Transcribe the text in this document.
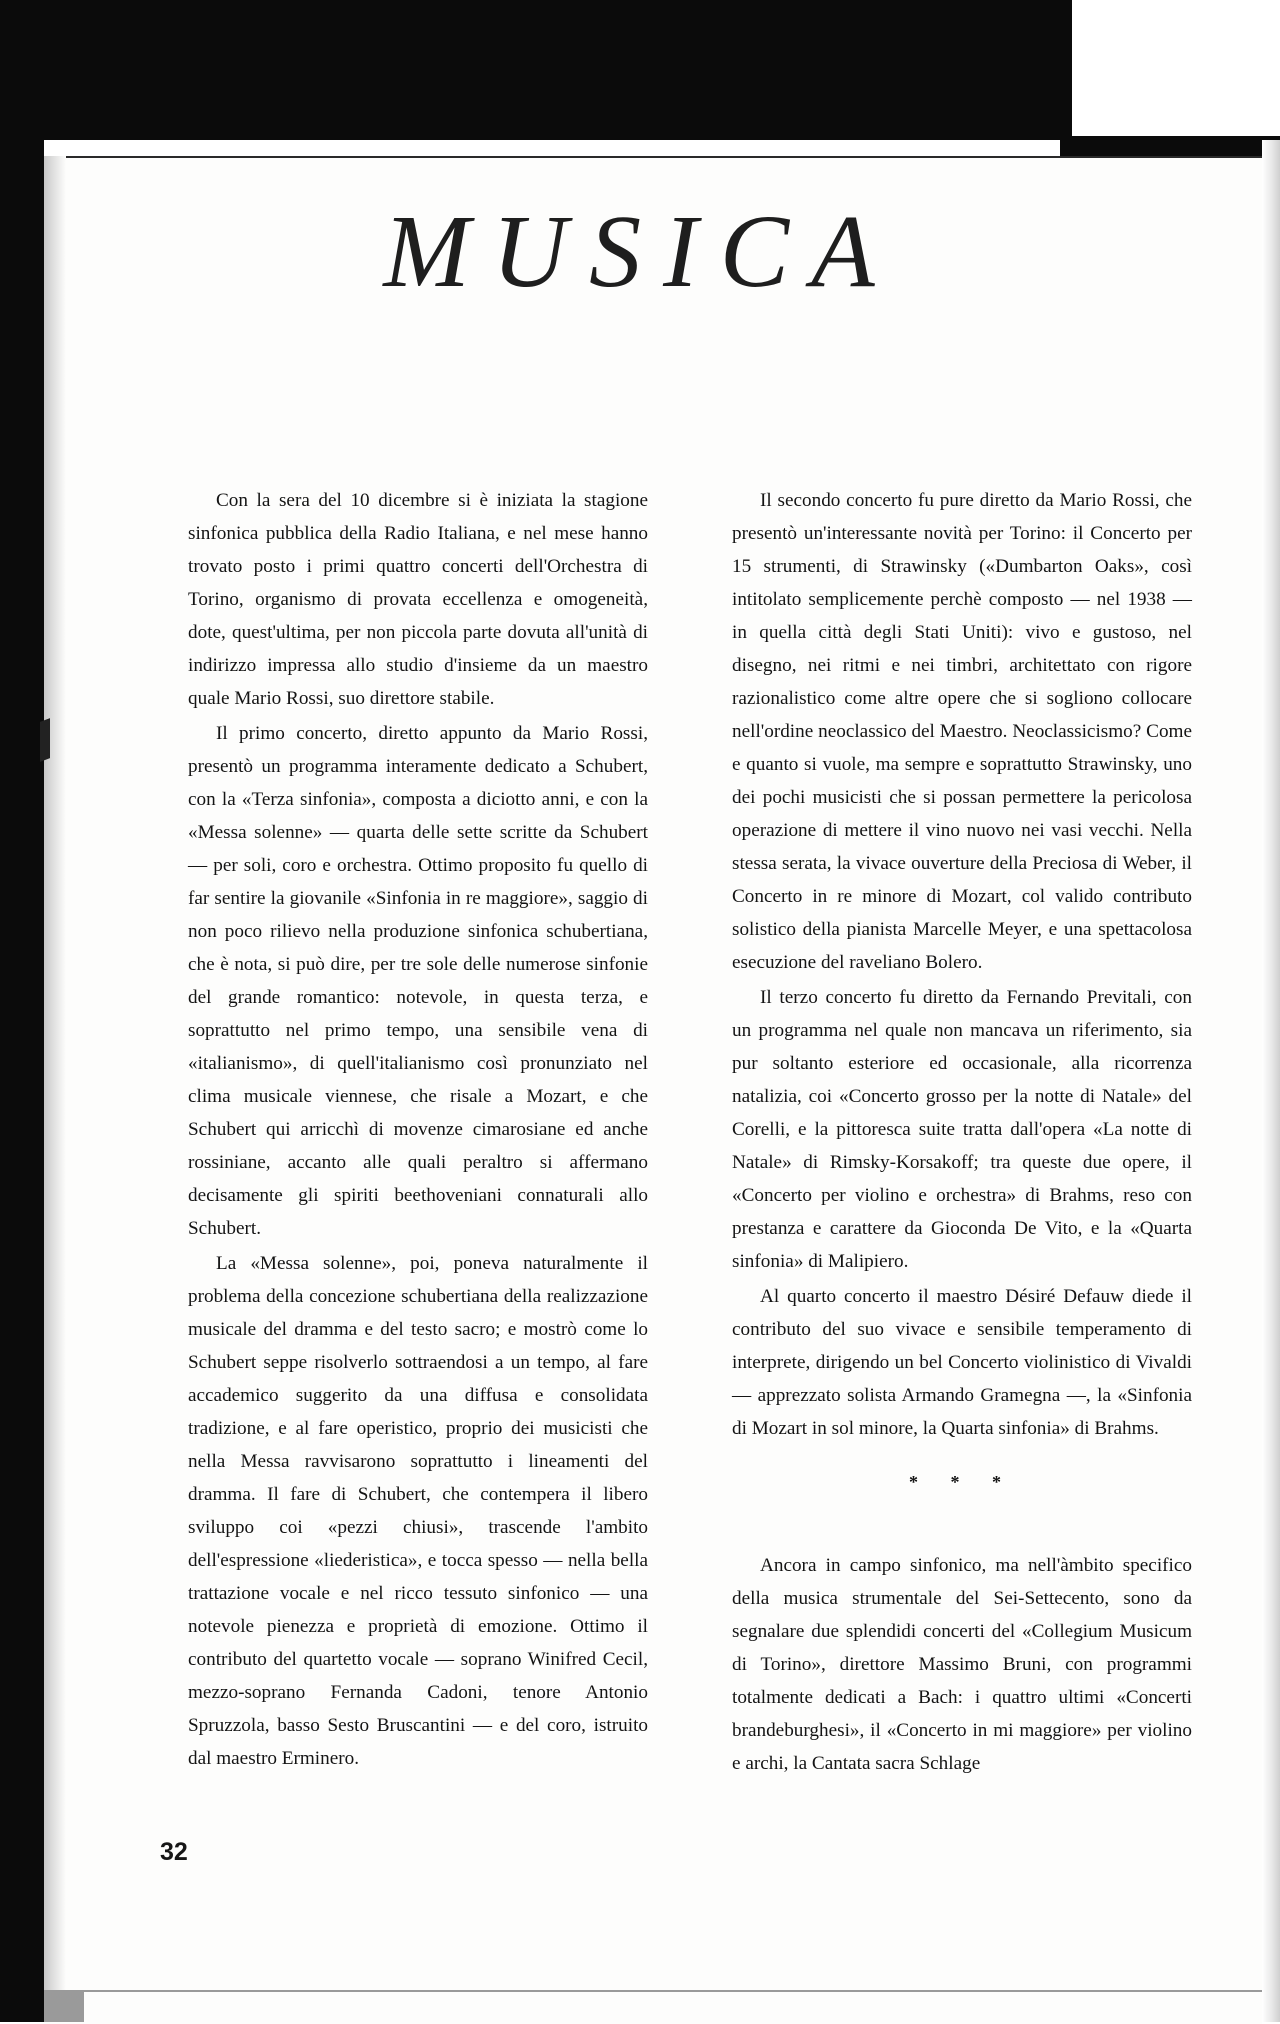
MUSICA

Con la sera del 10 dicembre si è iniziata la stagione sinfonica pubblica della Radio Italiana, e nel mese hanno trovato posto i primi quattro concerti dell'Orchestra di Torino, organismo di provata eccellenza e omogeneità, dote, quest'ultima, per non piccola parte dovuta all'unità di indirizzo impressa allo studio d'insieme da un maestro quale Mario Rossi, suo direttore stabile.

Il primo concerto, diretto appunto da Mario Rossi, presentò un programma interamente dedicato a Schubert, con la «Terza sinfonia», composta a diciotto anni, e con la «Messa solenne» — quarta delle sette scritte da Schubert — per soli, coro e orchestra. Ottimo proposito fu quello di far sentire la giovanile «Sinfonia in re maggiore», saggio di non poco rilievo nella produzione sinfonica schubertiana, che è nota, si può dire, per tre sole delle numerose sinfonie del grande romantico: notevole, in questa terza, e soprattutto nel primo tempo, una sensibile vena di «italianismo», di quell'italianismo così pronunziato nel clima musicale viennese, che risale a Mozart, e che Schubert qui arricchì di movenze cimarosiane ed anche rossiniane, accanto alle quali peraltro si affermano decisamente gli spiriti beethoveniani connaturali allo Schubert.

La «Messa solenne», poi, poneva naturalmente il problema della concezione schubertiana della realizzazione musicale del dramma e del testo sacro; e mostrò come lo Schubert seppe risolverlo sottraendosi a un tempo, al fare accademico suggerito da una diffusa e consolidata tradizione, e al fare operistico, proprio dei musicisti che nella Messa ravvisarono soprattutto i lineamenti del dramma. Il fare di Schubert, che contempera il libero sviluppo coi «pezzi chiusi», trascende l'ambito dell'espressione «liederistica», e tocca spesso — nella bella trattazione vocale e nel ricco tessuto sinfonico — una notevole pienezza e proprietà di emozione. Ottimo il contributo del quartetto vocale — soprano Winifred Cecil, mezzo-soprano Fernanda Cadoni, tenore Antonio Spruzzola, basso Sesto Bruscantini — e del coro, istruito dal maestro Erminero.

Il secondo concerto fu pure diretto da Mario Rossi, che presentò un'interessante novità per Torino: il Concerto per 15 strumenti, di Strawinsky («Dumbarton Oaks», così intitolato semplicemente perchè composto — nel 1938 — in quella città degli Stati Uniti): vivo e gustoso, nel disegno, nei ritmi e nei timbri, architettato con rigore razionalistico come altre opere che si sogliono collocare nell'ordine neoclassico del Maestro. Neoclassicismo? Come e quanto si vuole, ma sempre e soprattutto Strawinsky, uno dei pochi musicisti che si possan permettere la pericolosa operazione di mettere il vino nuovo nei vasi vecchi. Nella stessa serata, la vivace ouverture della Preciosa di Weber, il Concerto in re minore di Mozart, col valido contributo solistico della pianista Marcelle Meyer, e una spettacolosa esecuzione del raveliano Bolero.

Il terzo concerto fu diretto da Fernando Previtali, con un programma nel quale non mancava un riferimento, sia pur soltanto esteriore ed occasionale, alla ricorrenza natalizia, coi «Concerto grosso per la notte di Natale» del Corelli, e la pittoresca suite tratta dall'opera «La notte di Natale» di Rimsky-Korsakoff; tra queste due opere, il «Concerto per violino e orchestra» di Brahms, reso con prestanza e carattere da Gioconda De Vito, e la «Quarta sinfonia» di Malipiero.

Al quarto concerto il maestro Désiré Defauw diede il contributo del suo vivace e sensibile temperamento di interprete, dirigendo un bel Concerto violinistico di Vivaldi — apprezzato solista Armando Gramegna —, la «Sinfonia di Mozart in sol minore, la Quarta sinfonia» di Brahms.

* * *

Ancora in campo sinfonico, ma nell'àmbito specifico della musica strumentale del Sei-Settecento, sono da segnalare due splendidi concerti del «Collegium Musicum di Torino», direttore Massimo Bruni, con programmi totalmente dedicati a Bach: i quattro ultimi «Concerti brandeburghesi», il «Concerto in mi maggiore» per violino e archi, la Cantata sacra Schlage

32
